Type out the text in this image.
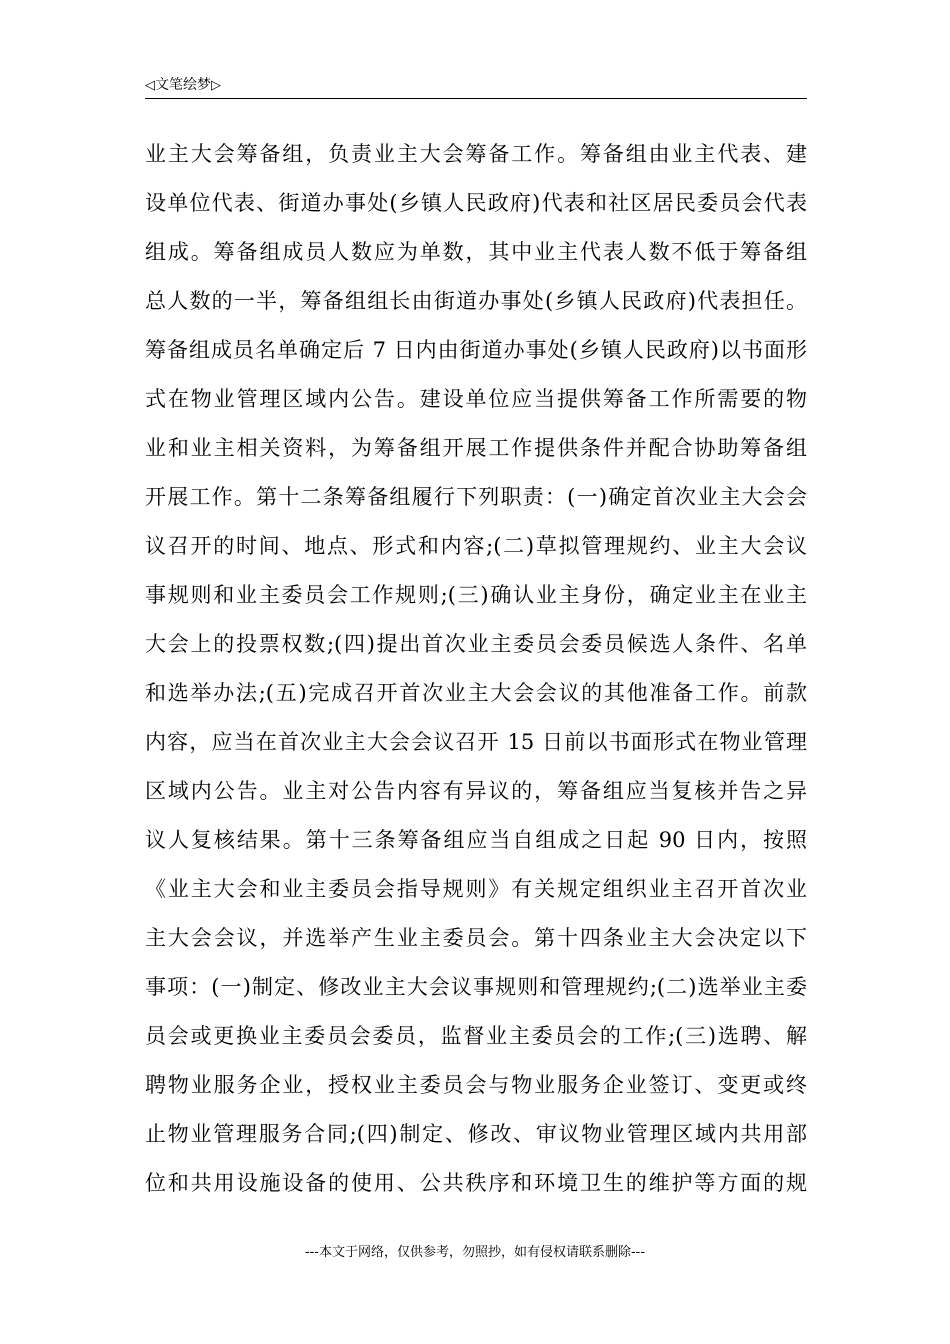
◁文笔绘梦▷
业主大会筹备组，负责业主大会筹备工作。筹备组由业主代表、建
设单位代表、街道办事处(乡镇人民政府)代表和社区居民委员会代表
组成。筹备组成员人数应为单数，其中业主代表人数不低于筹备组
总人数的一半，筹备组组长由街道办事处(乡镇人民政府)代表担任。
筹备组成员名单确定后 7 日内由街道办事处(乡镇人民政府)以书面形
式在物业管理区域内公告。建设单位应当提供筹备工作所需要的物
业和业主相关资料，为筹备组开展工作提供条件并配合协助筹备组
开展工作。第十二条筹备组履行下列职责：(一)确定首次业主大会会
议召开的时间、地点、形式和内容;(二)草拟管理规约、业主大会议
事规则和业主委员会工作规则;(三)确认业主身份，确定业主在业主
大会上的投票权数;(四)提出首次业主委员会委员候选人条件、名单
和选举办法;(五)完成召开首次业主大会会议的其他准备工作。前款
内容，应当在首次业主大会会议召开 15 日前以书面形式在物业管理
区域内公告。业主对公告内容有异议的，筹备组应当复核并告之异
议人复核结果。第十三条筹备组应当自组成之日起 90 日内，按照
《业主大会和业主委员会指导规则》有关规定组织业主召开首次业
主大会会议，并选举产生业主委员会。第十四条业主大会决定以下
事项：(一)制定、修改业主大会议事规则和管理规约;(二)选举业主委
员会或更换业主委员会委员，监督业主委员会的工作;(三)选聘、解
聘物业服务企业，授权业主委员会与物业服务企业签订、变更或终
止物业管理服务合同;(四)制定、修改、审议物业管理区域内共用部
位和共用设施设备的使用、公共秩序和环境卫生的维护等方面的规
---本文于网络，仅供参考，勿照抄，如有侵权请联系删除---
